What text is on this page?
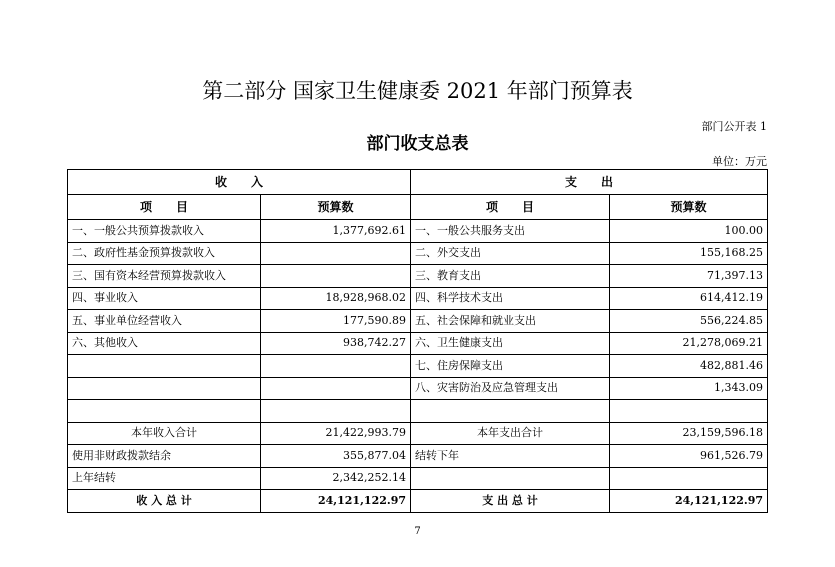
第二部分 国家卫生健康委 2021 年部门预算表
部门公开表 1
部门收支总表
单位：万元
收　　入		支　　出	
项　　目	预算数	项　　目	预算数
一、一般公共预算拨款收入	1,377,692.61	一、一般公共服务支出	100.00
二、政府性基金预算拨款收入		二、外交支出	155,168.25
三、国有资本经营预算拨款收入		三、教育支出	71,397.13
四、事业收入	18,928,968.02	四、科学技术支出	614,412.19
五、事业单位经营收入	177,590.89	五、社会保障和就业支出	556,224.85
六、其他收入	938,742.27	六、卫生健康支出	21,278,069.21
		七、住房保障支出	482,881.46
		八、灾害防治及应急管理支出	1,343.09

本年收入合计	21,422,993.79	本年支出合计	23,159,596.18
使用非财政拨款结余	355,877.04	结转下年	961,526.79
上年结转	2,342,252.14		
收 入 总 计	24,121,122.97	支 出 总 计	24,121,122.97
7
